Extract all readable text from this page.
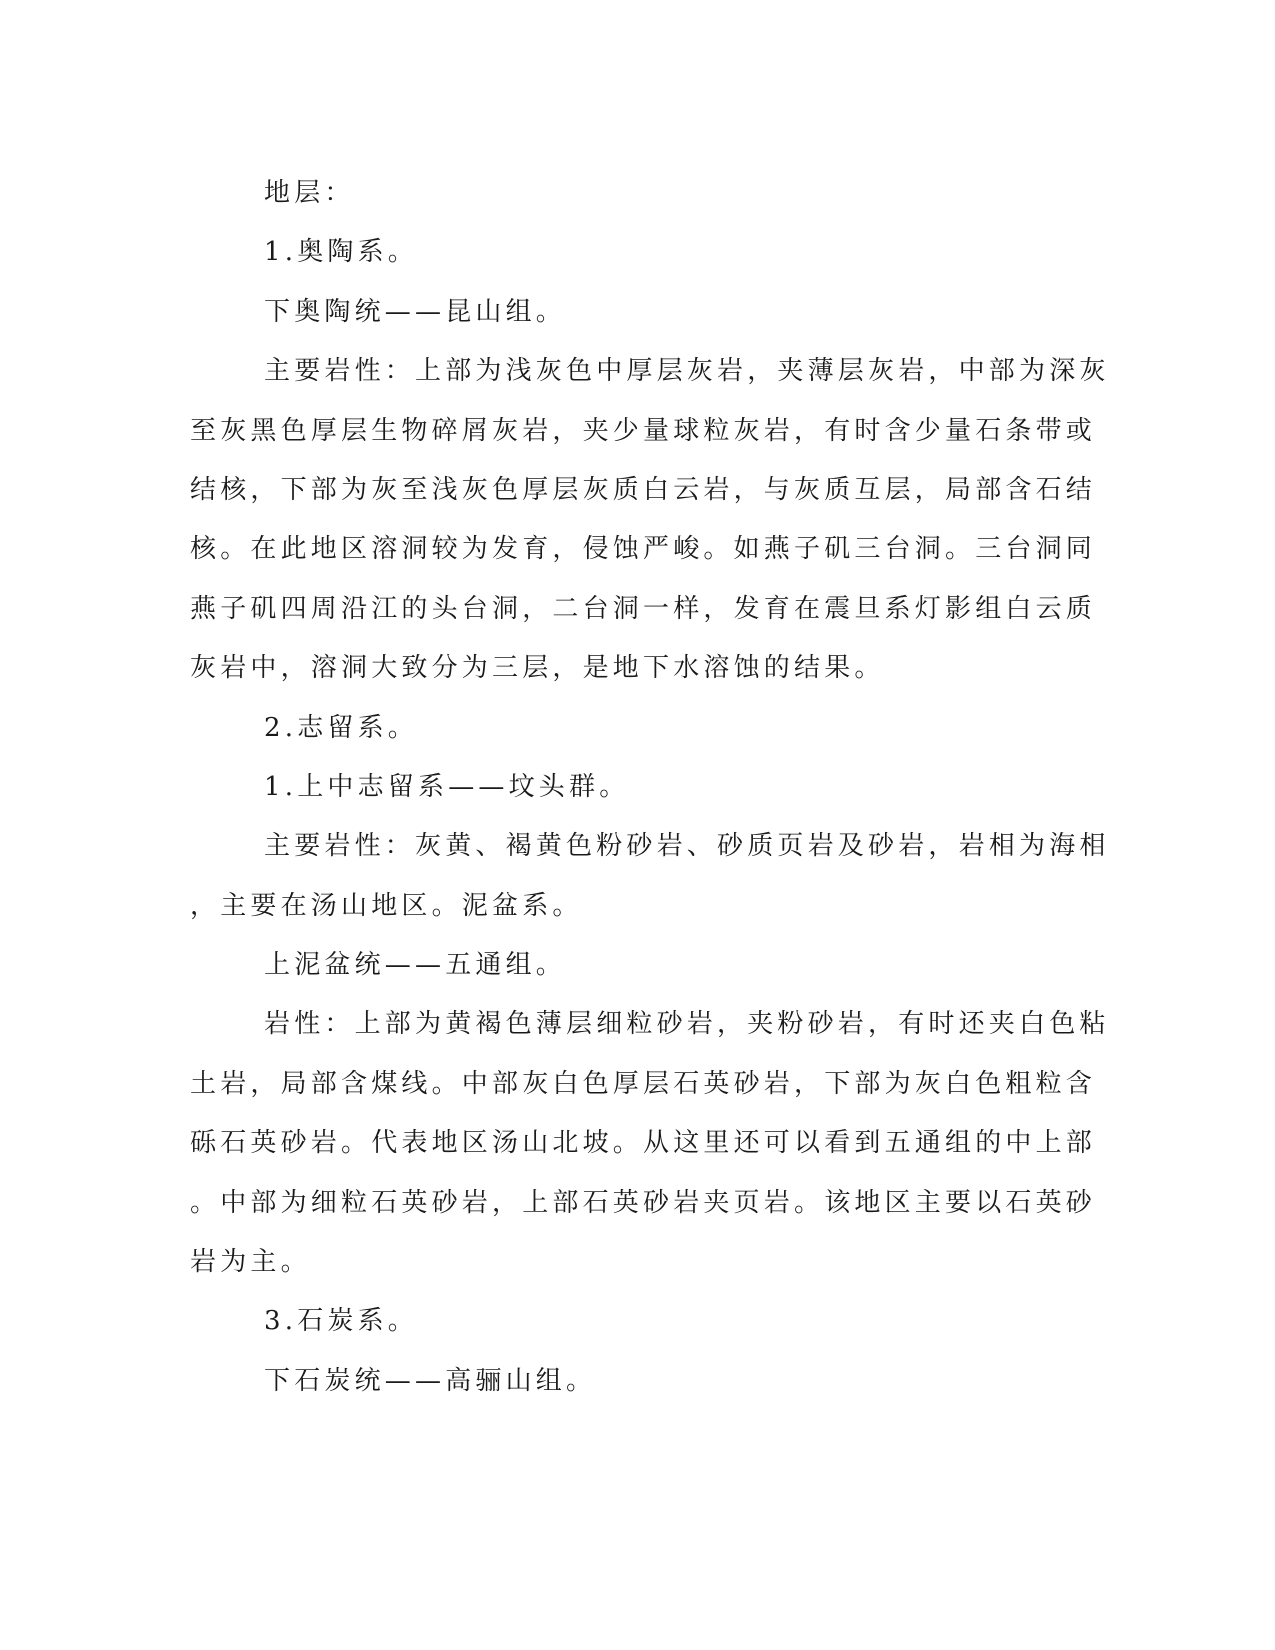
地层：
1.奥陶系。
下奥陶统——昆山组。
主要岩性：上部为浅灰色中厚层灰岩，夹薄层灰岩，中部为深灰
至灰黑色厚层生物碎屑灰岩，夹少量球粒灰岩，有时含少量石条带或
结核，下部为灰至浅灰色厚层灰质白云岩，与灰质互层，局部含石结
核。在此地区溶洞较为发育，侵蚀严峻。如燕子矶三台洞。三台洞同
燕子矶四周沿江的头台洞，二台洞一样，发育在震旦系灯影组白云质
灰岩中，溶洞大致分为三层，是地下水溶蚀的结果。
2.志留系。
1.上中志留系——坟头群。
主要岩性：灰黄、褐黄色粉砂岩、砂质页岩及砂岩，岩相为海相
，主要在汤山地区。泥盆系。
上泥盆统——五通组。
岩性：上部为黄褐色薄层细粒砂岩，夹粉砂岩，有时还夹白色粘
土岩，局部含煤线。中部灰白色厚层石英砂岩，下部为灰白色粗粒含
砾石英砂岩。代表地区汤山北坡。从这里还可以看到五通组的中上部
。中部为细粒石英砂岩，上部石英砂岩夹页岩。该地区主要以石英砂
岩为主。
3.石炭系。
下石炭统——高骊山组。
